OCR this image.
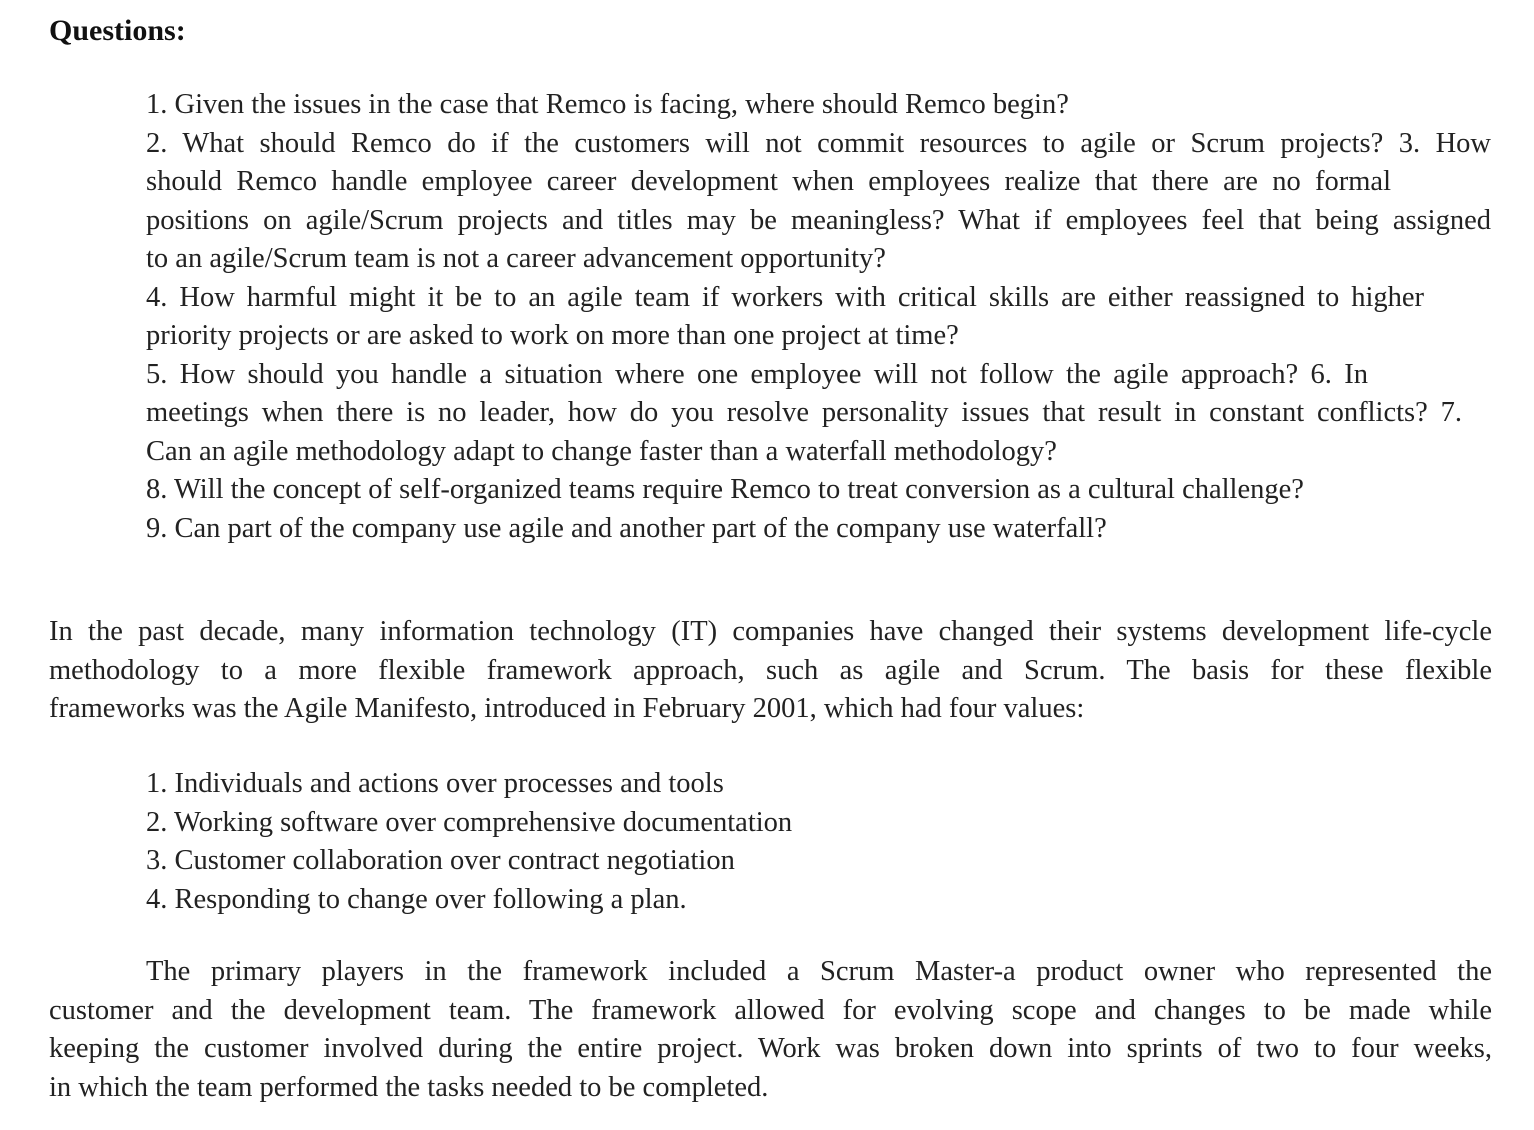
Questions:
1. Given the issues in the case that Remco is facing, where should Remco begin?
2. What should Remco do if the customers will not commit resources to agile or Scrum projects? 3. How
should Remco handle employee career development when employees realize that there are no formal
positions on agile/Scrum projects and titles may be meaningless? What if employees feel that being assigned
to an agile/Scrum team is not a career advancement opportunity?
4. How harmful might it be to an agile team if workers with critical skills are either reassigned to higher
priority projects or are asked to work on more than one project at time?
5. How should you handle a situation where one employee will not follow the agile approach? 6. In
meetings when there is no leader, how do you resolve personality issues that result in constant conflicts? 7.
Can an agile methodology adapt to change faster than a waterfall methodology?
8. Will the concept of self-organized teams require Remco to treat conversion as a cultural challenge?
9. Can part of the company use agile and another part of the company use waterfall?
In the past decade, many information technology (IT) companies have changed their systems development life-cycle
methodology to a more flexible framework approach, such as agile and Scrum. The basis for these flexible
frameworks was the Agile Manifesto, introduced in February 2001, which had four values:
1. Individuals and actions over processes and tools
2. Working software over comprehensive documentation
3. Customer collaboration over contract negotiation
4. Responding to change over following a plan.
The primary players in the framework included a Scrum Master-a product owner who represented the
customer and the development team. The framework allowed for evolving scope and changes to be made while
keeping the customer involved during the entire project. Work was broken down into sprints of two to four weeks,
in which the team performed the tasks needed to be completed.
